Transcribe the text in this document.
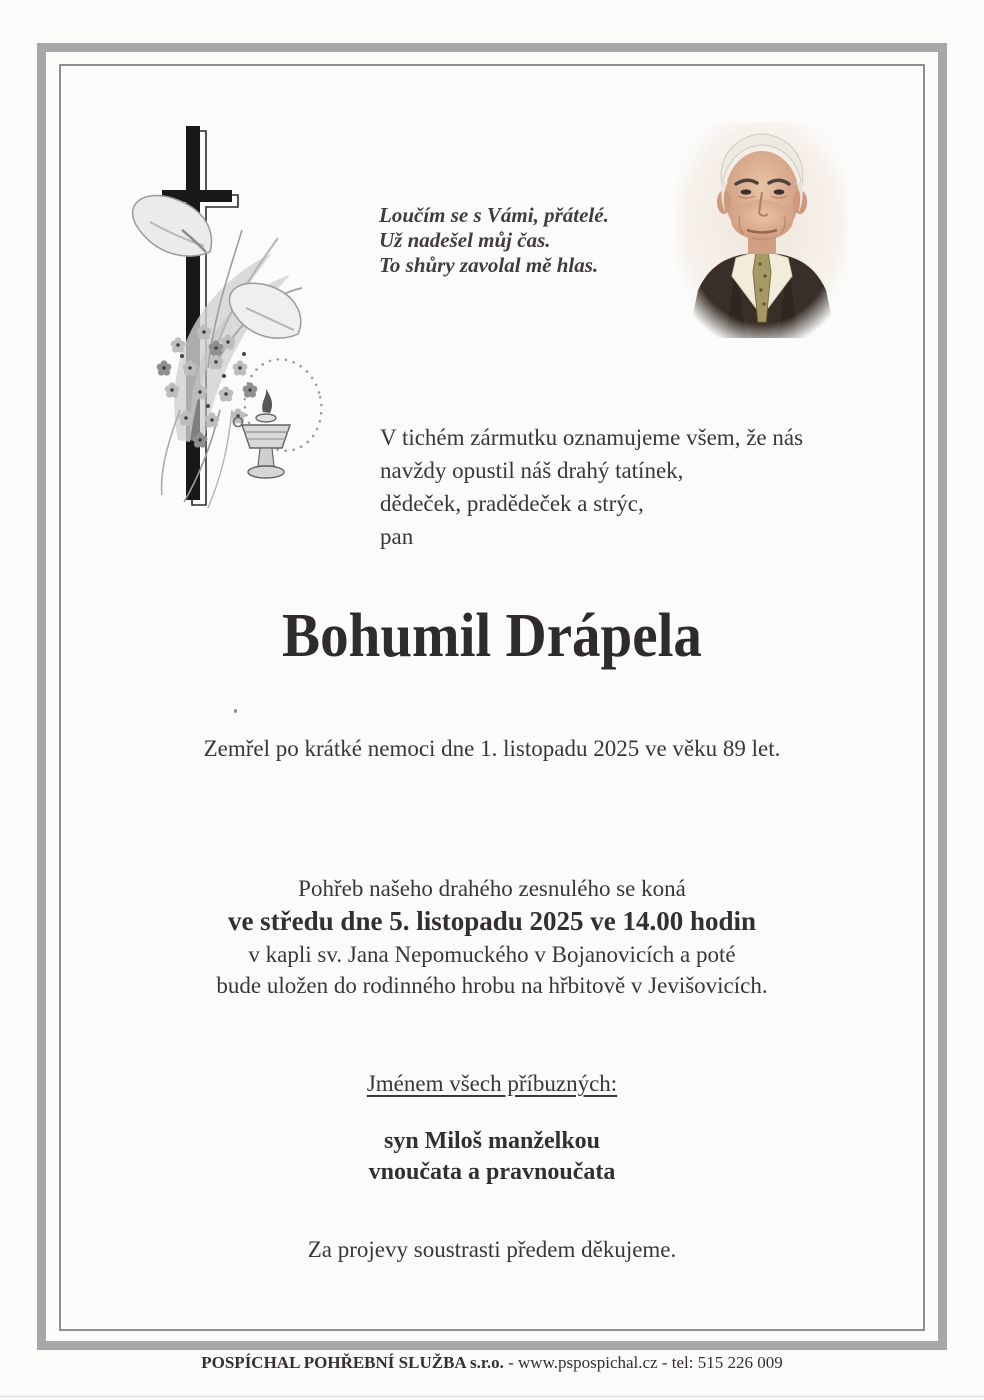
Loučím se s Vámi, přátelé.
Už nadešel můj čas.
To shůry zavolal mě hlas.
V tichém zármutku oznamujeme všem, že nás
navždy opustil náš drahý tatínek,
dědeček, pradědeček a strýc,
pan
Bohumil Drápela
Zemřel po krátké nemoci dne 1. listopadu 2025 ve věku 89 let.
Pohřeb našeho drahého zesnulého se koná
ve středu dne 5. listopadu 2025 ve 14.00 hodin
v kapli sv. Jana Nepomuckého v Bojanovicích a poté
bude uložen do rodinného hrobu na hřbitově v Jevišovicích.
Jménem všech příbuzných:
syn Miloš manželkou
vnoučata a pravnoučata
Za projevy soustrasti předem děkujeme.
POSPÍCHAL POHŘEBNÍ SLUŽBA s.r.o. - www.pspospichal.cz - tel: 515 226 009
